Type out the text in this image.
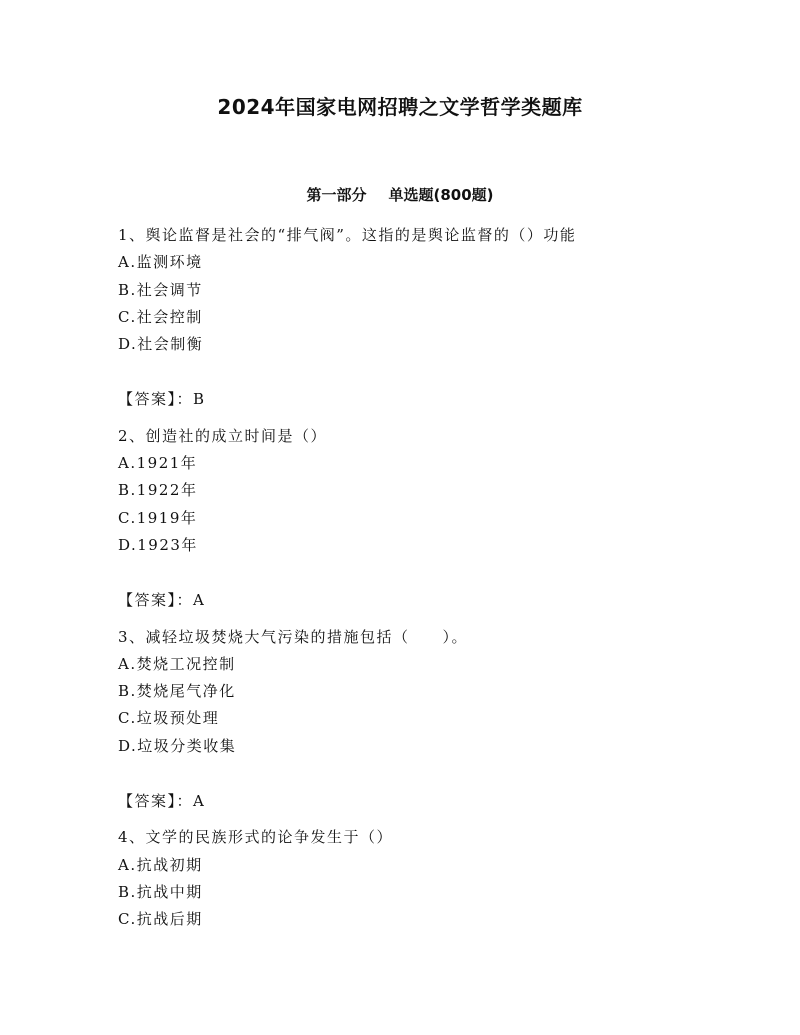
2024年国家电网招聘之文学哲学类题库
第一部分 单选题(800题)
1、舆论监督是社会的“排气阀”。这指的是舆论监督的（）功能
A.监测环境
B.社会调节
C.社会控制
D.社会制衡
【答案】：B
2、创造社的成立时间是（）
A.1921年
B.1922年
C.1919年
D.1923年
【答案】：A
3、减轻垃圾焚烧大气污染的措施包括（　　）。
A.焚烧工况控制
B.焚烧尾气净化
C.垃圾预处理
D.垃圾分类收集
【答案】：A
4、文学的民族形式的论争发生于（）
A.抗战初期
B.抗战中期
C.抗战后期
